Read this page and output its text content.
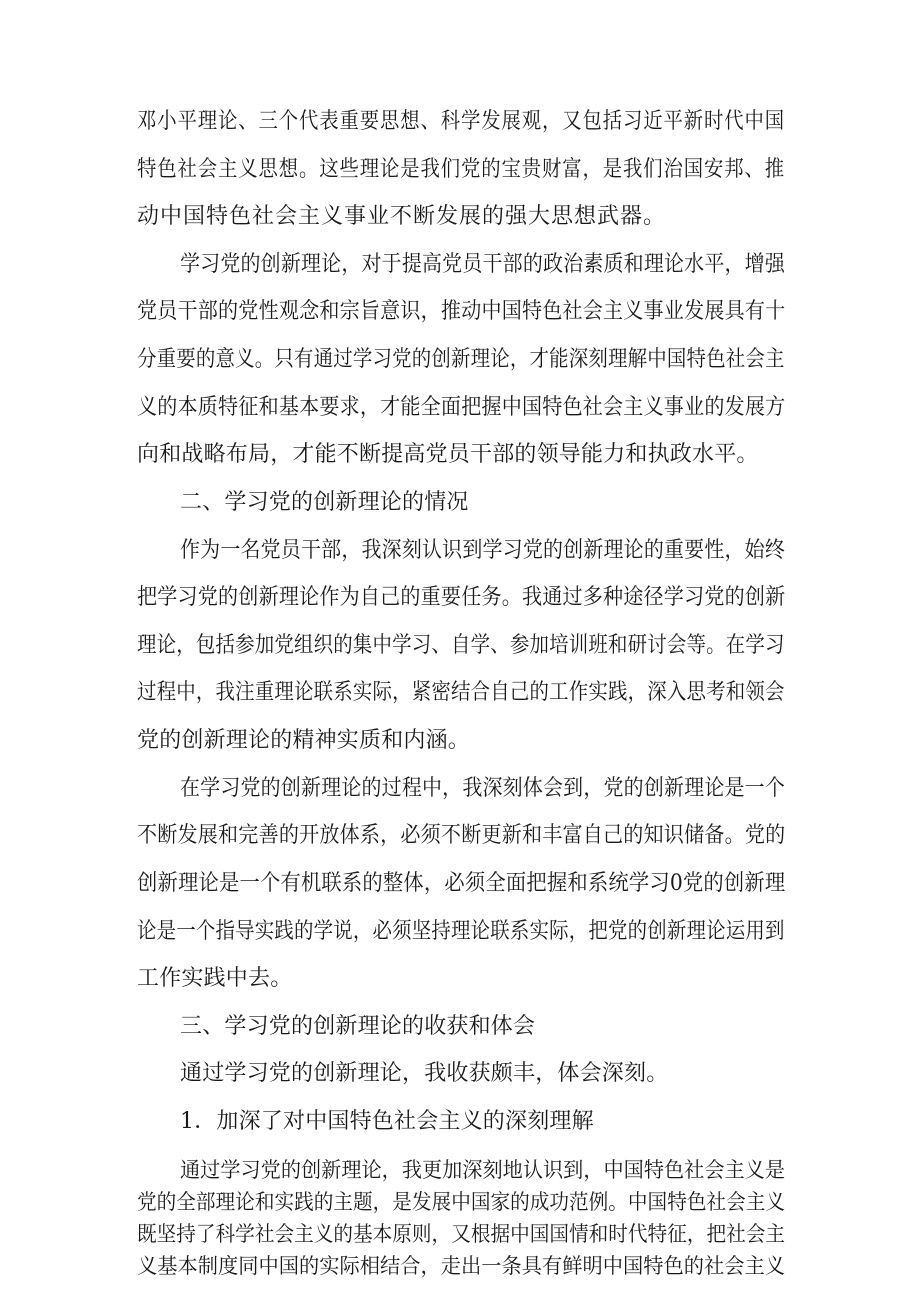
邓小平理论、三个代表重要思想、科学发展观，又包括习近平新时代中国
特色社会主义思想。这些理论是我们党的宝贵财富，是我们治国安邦、推
动中国特色社会主义事业不断发展的强大思想武器。
学习党的创新理论，对于提高党员干部的政治素质和理论水平，增强
党员干部的党性观念和宗旨意识，推动中国特色社会主义事业发展具有十
分重要的意义。只有通过学习党的创新理论，才能深刻理解中国特色社会主
义的本质特征和基本要求，才能全面把握中国特色社会主义事业的发展方
向和战略布局，才能不断提高党员干部的领导能力和执政水平。
二、学习党的创新理论的情况
作为一名党员干部，我深刻认识到学习党的创新理论的重要性，始终
把学习党的创新理论作为自己的重要任务。我通过多种途径学习党的创新
理论，包括参加党组织的集中学习、自学、参加培训班和研讨会等。在学习
过程中，我注重理论联系实际，紧密结合自己的工作实践，深入思考和领会
党的创新理论的精神实质和内涵。
在学习党的创新理论的过程中，我深刻体会到，党的创新理论是一个
不断发展和完善的开放体系，必须不断更新和丰富自己的知识储备。党的
创新理论是一个有机联系的整体，必须全面把握和系统学习0党的创新理
论是一个指导实践的学说，必须坚持理论联系实际，把党的创新理论运用到
工作实践中去。
三、学习党的创新理论的收获和体会
通过学习党的创新理论，我收获颇丰，体会深刻。
1．加深了对中国特色社会主义的深刻理解
通过学习党的创新理论，我更加深刻地认识到，中国特色社会主义是
党的全部理论和实践的主题，是发展中国家的成功范例。中国特色社会主义
既坚持了科学社会主义的基本原则，又根据中国国情和时代特征，把社会主
义基本制度同中国的实际相结合，走出一条具有鲜明中国特色的社会主义
